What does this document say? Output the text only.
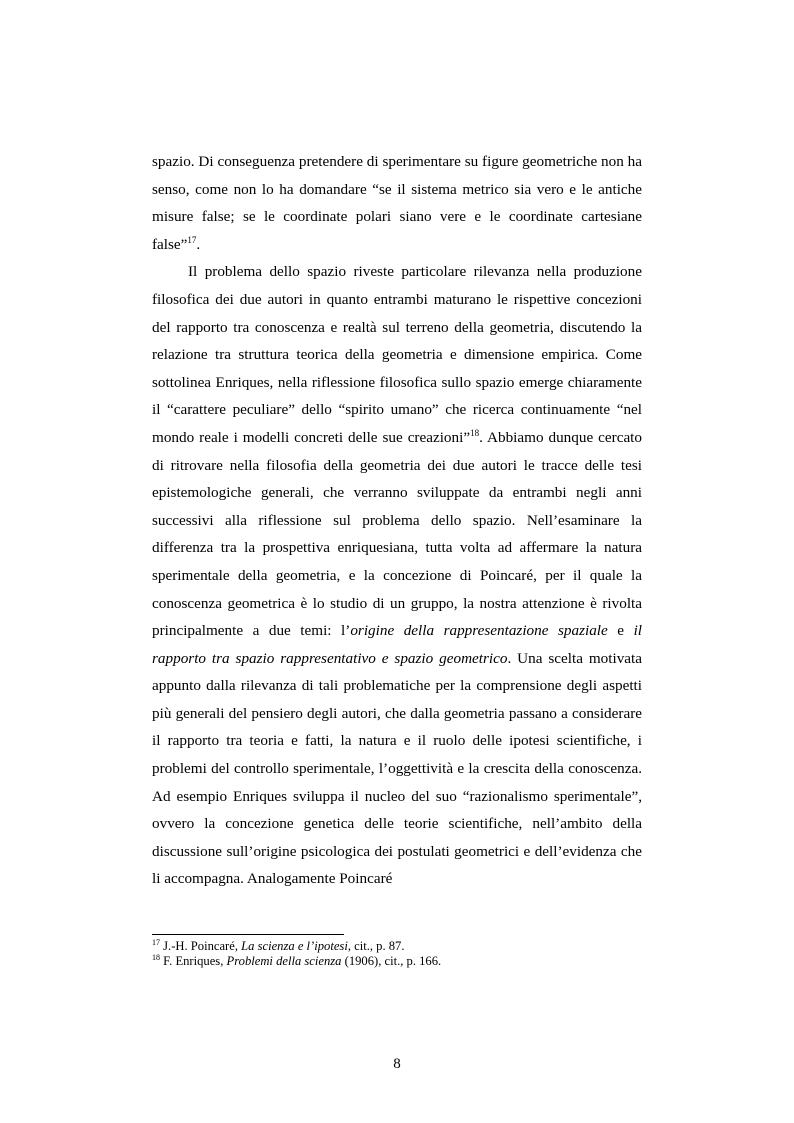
spazio. Di conseguenza pretendere di sperimentare su figure geometriche non ha senso, come non lo ha domandare “se il sistema metrico sia vero e le antiche misure false; se le coordinate polari siano vere e le coordinate cartesiane false”$^{17}$.

Il problema dello spazio riveste particolare rilevanza nella produzione filosofica dei due autori in quanto entrambi maturano le rispettive concezioni del rapporto tra conoscenza e realtà sul terreno della geometria, discutendo la relazione tra struttura teorica della geometria e dimensione empirica. Come sottolinea Enriques, nella riflessione filosofica sullo spazio emerge chiaramente il “carattere peculiare” dello “spirito umano” che ricerca continuamente “nel mondo reale i modelli concreti delle sue creazioni”$^{18}$. Abbiamo dunque cercato di ritrovare nella filosofia della geometria dei due autori le tracce delle tesi epistemologiche generali, che verranno sviluppate da entrambi negli anni successivi alla riflessione sul problema dello spazio. Nell’esaminare la differenza tra la prospettiva enriquesiana, tutta volta ad affermare la natura sperimentale della geometria, e la concezione di Poincaré, per il quale la conoscenza geometrica è lo studio di un gruppo, la nostra attenzione è rivolta principalmente a due temi: l’origine della rappresentazione spaziale e il rapporto tra spazio rappresentativo e spazio geometrico. Una scelta motivata appunto dalla rilevanza di tali problematiche per la comprensione degli aspetti più generali del pensiero degli autori, che dalla geometria passano a considerare il rapporto tra teoria e fatti, la natura e il ruolo delle ipotesi scientifiche, i problemi del controllo sperimentale, l’oggettività e la crescita della conoscenza. Ad esempio Enriques sviluppa il nucleo del suo “razionalismo sperimentale”, ovvero la concezione genetica delle teorie scientifiche, nell’ambito della discussione sull’origine psicologica dei postulati geometrici e dell’evidenza che li accompagna. Analogamente Poincaré

$^{17}$ J.-H. Poincaré, La scienza e l’ipotesi, cit., p. 87.
$^{18}$ F. Enriques, Problemi della scienza (1906), cit., p. 166.
8
